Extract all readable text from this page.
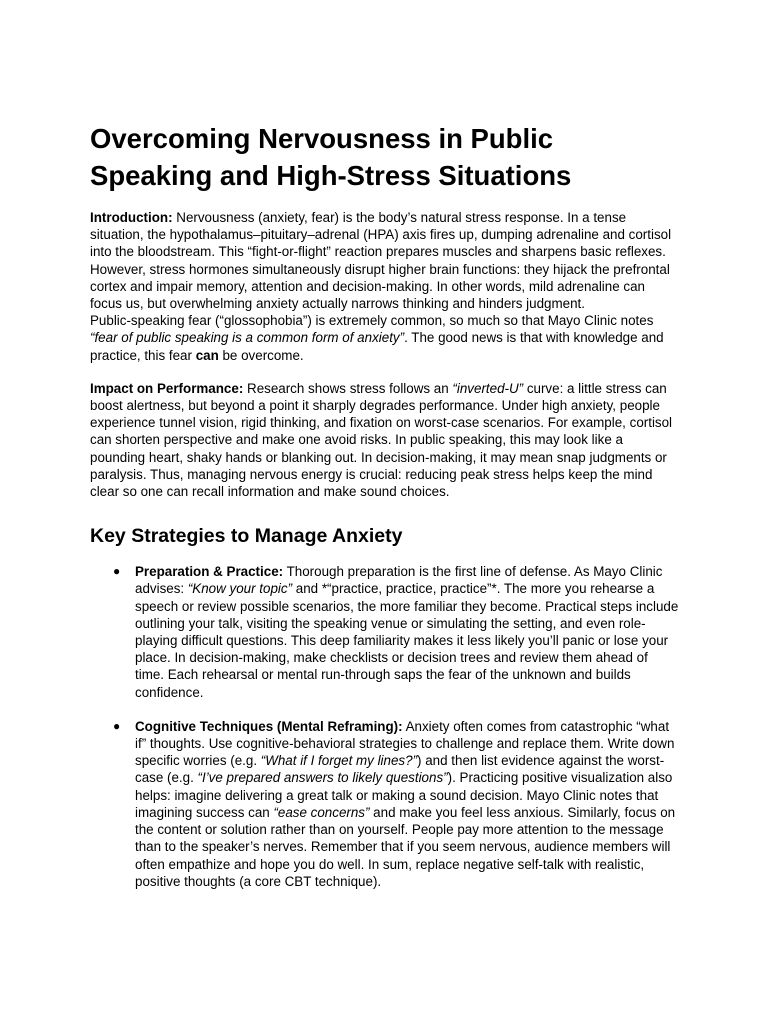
Overcoming Nervousness in Public Speaking and High-Stress Situations

Introduction: Nervousness (anxiety, fear) is the body’s natural stress response. In a tense situation, the hypothalamus–pituitary–adrenal (HPA) axis fires up, dumping adrenaline and cortisol into the bloodstream. This “fight-or-flight” reaction prepares muscles and sharpens basic reflexes. However, stress hormones simultaneously disrupt higher brain functions: they hijack the prefrontal cortex and impair memory, attention and decision-making. In other words, mild adrenaline can focus us, but overwhelming anxiety actually narrows thinking and hinders judgment. Public‑speaking fear (“glossophobia”) is extremely common, so much so that Mayo Clinic notes “fear of public speaking is a common form of anxiety”. The good news is that with knowledge and practice, this fear can be overcome.

Impact on Performance: Research shows stress follows an “inverted-U” curve: a little stress can boost alertness, but beyond a point it sharply degrades performance. Under high anxiety, people experience tunnel vision, rigid thinking, and fixation on worst-case scenarios. For example, cortisol can shorten perspective and make one avoid risks. In public speaking, this may look like a pounding heart, shaky hands or blanking out. In decision-making, it may mean snap judgments or paralysis. Thus, managing nervous energy is crucial: reducing peak stress helps keep the mind clear so one can recall information and make sound choices.

Key Strategies to Manage Anxiety
● Preparation & Practice: Thorough preparation is the first line of defense. As Mayo Clinic advises: “Know your topic” and *“practice, practice, practice”*. The more you rehearse a speech or review possible scenarios, the more familiar they become. Practical steps include outlining your talk, visiting the speaking venue or simulating the setting, and even role-playing difficult questions. This deep familiarity makes it less likely you’ll panic or lose your place. In decision-making, make checklists or decision trees and review them ahead of time. Each rehearsal or mental run-through saps the fear of the unknown and builds confidence.
● Cognitive Techniques (Mental Reframing): Anxiety often comes from catastrophic “what if” thoughts. Use cognitive‑behavioral strategies to challenge and replace them. Write down specific worries (e.g. “What if I forget my lines?”) and then list evidence against the worst-case (e.g. “I’ve prepared answers to likely questions”). Practicing positive visualization also helps: imagine delivering a great talk or making a sound decision. Mayo Clinic notes that imagining success can “ease concerns” and make you feel less anxious. Similarly, focus on the content or solution rather than on yourself. People pay more attention to the message than to the speaker’s nerves. Remember that if you seem nervous, audience members will often empathize and hope you do well. In sum, replace negative self-talk with realistic, positive thoughts (a core CBT technique).
